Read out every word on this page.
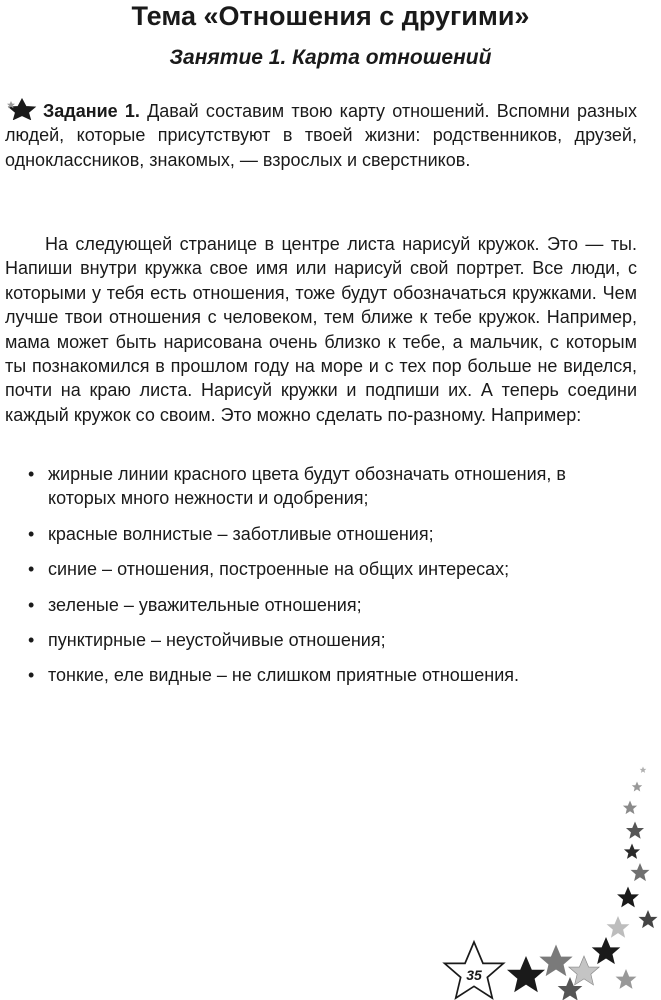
Тема «Отношения с другими»
Занятие 1. Карта отношений

Задание 1. Давай составим твою карту отношений. Вспомни разных людей, которые присутствуют в твоей жизни: родственников, друзей, одноклассников, знакомых, — взрослых и сверстников.

На следующей странице в центре листа нарисуй кружок. Это — ты. Напиши внутри кружка свое имя или нарисуй свой портрет. Все люди, с которыми у тебя есть отношения, тоже будут обозначаться кружками. Чем лучше твои отношения с человеком, тем ближе к тебе кружок. Например, мама может быть нарисована очень близко к тебе, а мальчик, с которым ты познакомился в прошлом году на море и с тех пор больше не виделся, почти на краю листа. Нарисуй кружки и подпиши их. А теперь соедини каждый кружок со своим. Это можно сделать по-разному. Например:

• жирные линии красного цвета будут обозначать отношения, в которых много нежности и одобрения;
• красные волнистые – заботливые отношения;
• синие – отношения, построенные на общих интересах;
• зеленые – уважительные отношения;
• пунктирные – неустойчивые отношения;
• тонкие, еле видные – не слишком приятные отношения.
35
